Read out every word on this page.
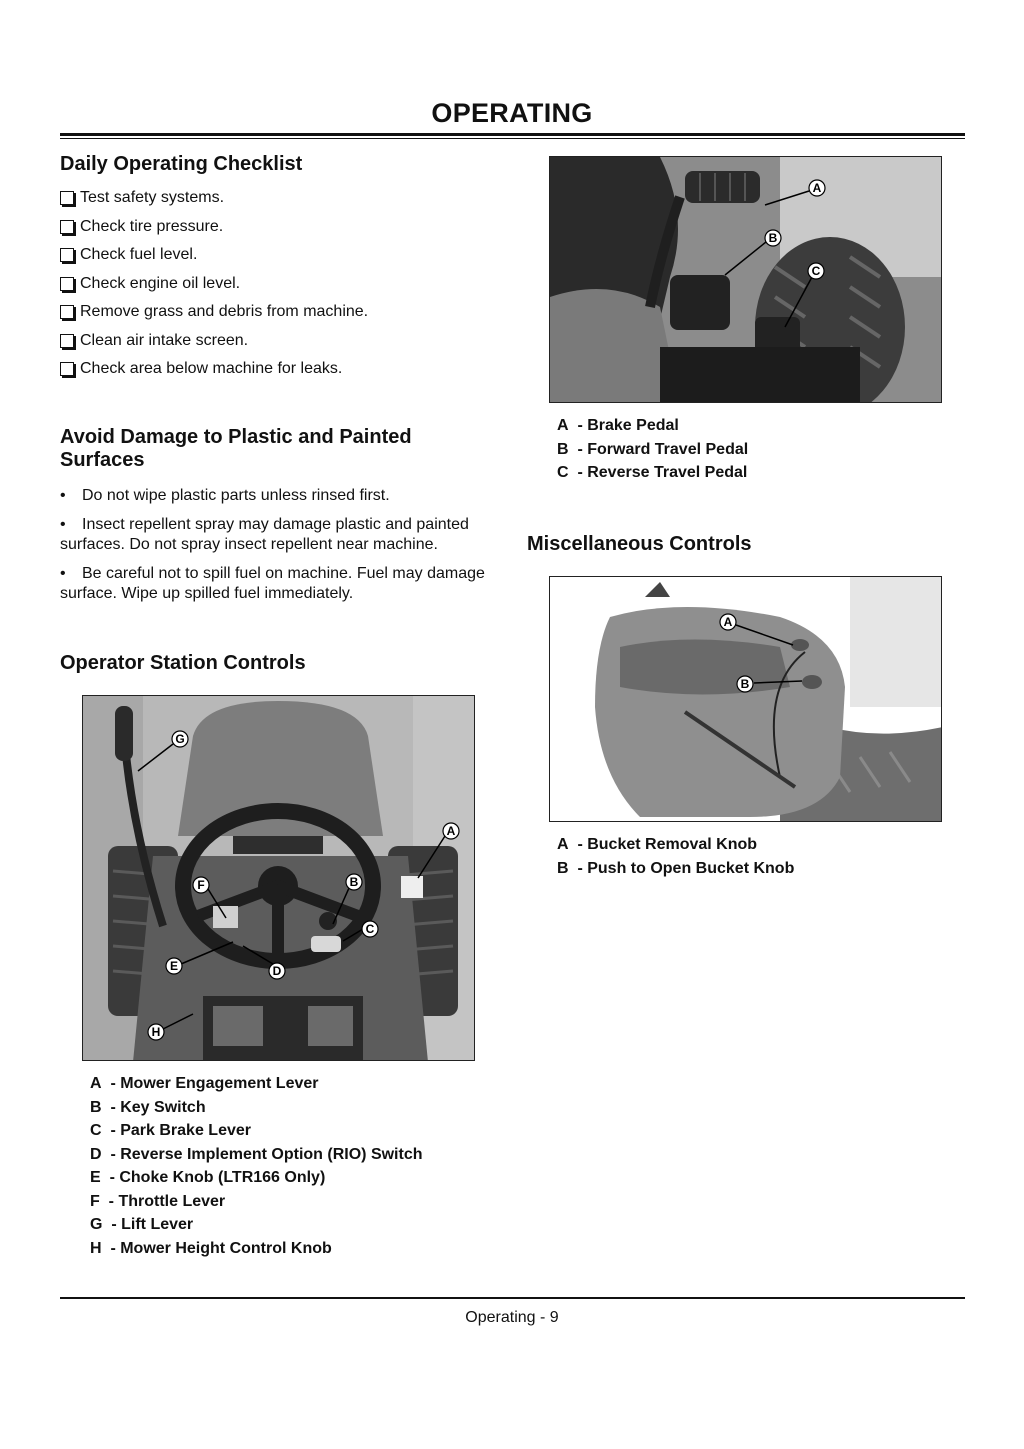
OPERATING
Daily Operating Checklist
Test safety systems.
Check tire pressure.
Check fuel level.
Check engine oil level.
Remove grass and debris from machine.
Clean air intake screen.
Check area below machine for leaks.
Avoid Damage to Plastic and Painted
Surfaces
• Do not wipe plastic parts unless rinsed first.
• Insect repellent spray may damage plastic and painted surfaces. Do not spray insect repellent near machine.
• Be careful not to spill fuel on machine. Fuel may damage surface. Wipe up spilled fuel immediately.
Operator Station Controls
G
A
F	B
C
E	D
H
A - Mower Engagement Lever
B - Key Switch
C - Park Brake Lever
D - Reverse Implement Option (RIO) Switch
E - Choke Knob (LTR166 Only)
F - Throttle Lever
G - Lift Lever
H - Mower Height Control Knob
A
B
C
A - Brake Pedal
B - Forward Travel Pedal
C - Reverse Travel Pedal
Miscellaneous Controls
A
B
A - Bucket Removal Knob
B - Push to Open Bucket Knob
Operating - 9
